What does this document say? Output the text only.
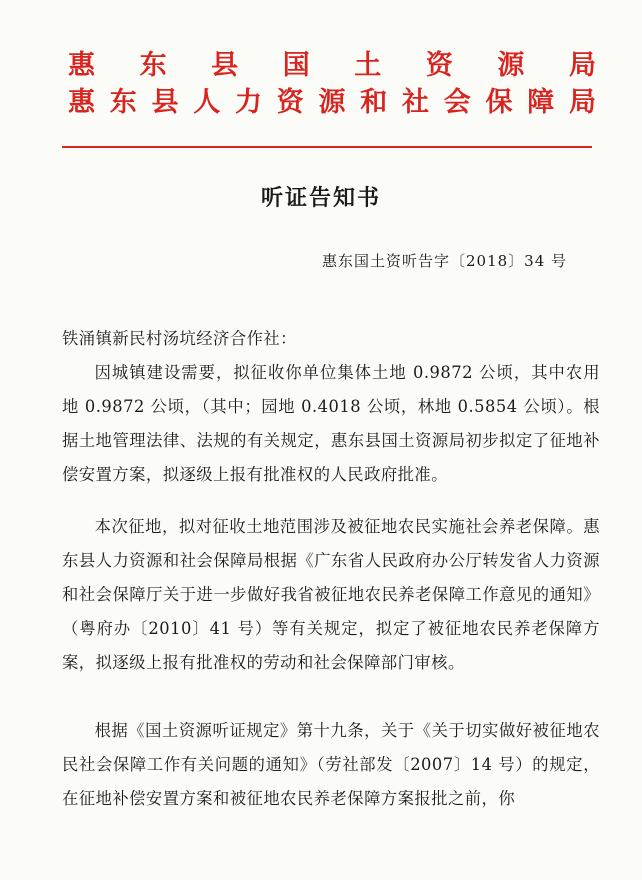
惠 东 县 国 土 资 源 局
惠 东 县 人 力 资 源 和 社 会 保 障 局
听证告知书
惠东国土资听告字〔2018〕34 号
铁涌镇新民村汤坑经济合作社：
因城镇建设需要，拟征收你单位集体土地 0.9872 公顷，其中农用地 0.9872 公顷，（其中；园地 0.4018 公顷，林地 0.5854 公顷）。根据土地管理法律、法规的有关规定，惠东县国土资源局初步拟定了征地补偿安置方案，拟逐级上报有批准权的人民政府批准。
本次征地，拟对征收土地范围涉及被征地农民实施社会养老保障。惠东县人力资源和社会保障局根据《广东省人民政府办公厅转发省人力资源和社会保障厅关于进一步做好我省被征地农民养老保障工作意见的通知》（粤府办〔2010〕41 号）等有关规定，拟定了被征地农民养老保障方案，拟逐级上报有批准权的劳动和社会保障部门审核。
根据《国土资源听证规定》第十九条，关于《关于切实做好被征地农民社会保障工作有关问题的通知》（劳社部发〔2007〕14 号）的规定，在征地补偿安置方案和被征地农民养老保障方案报批之前，你
